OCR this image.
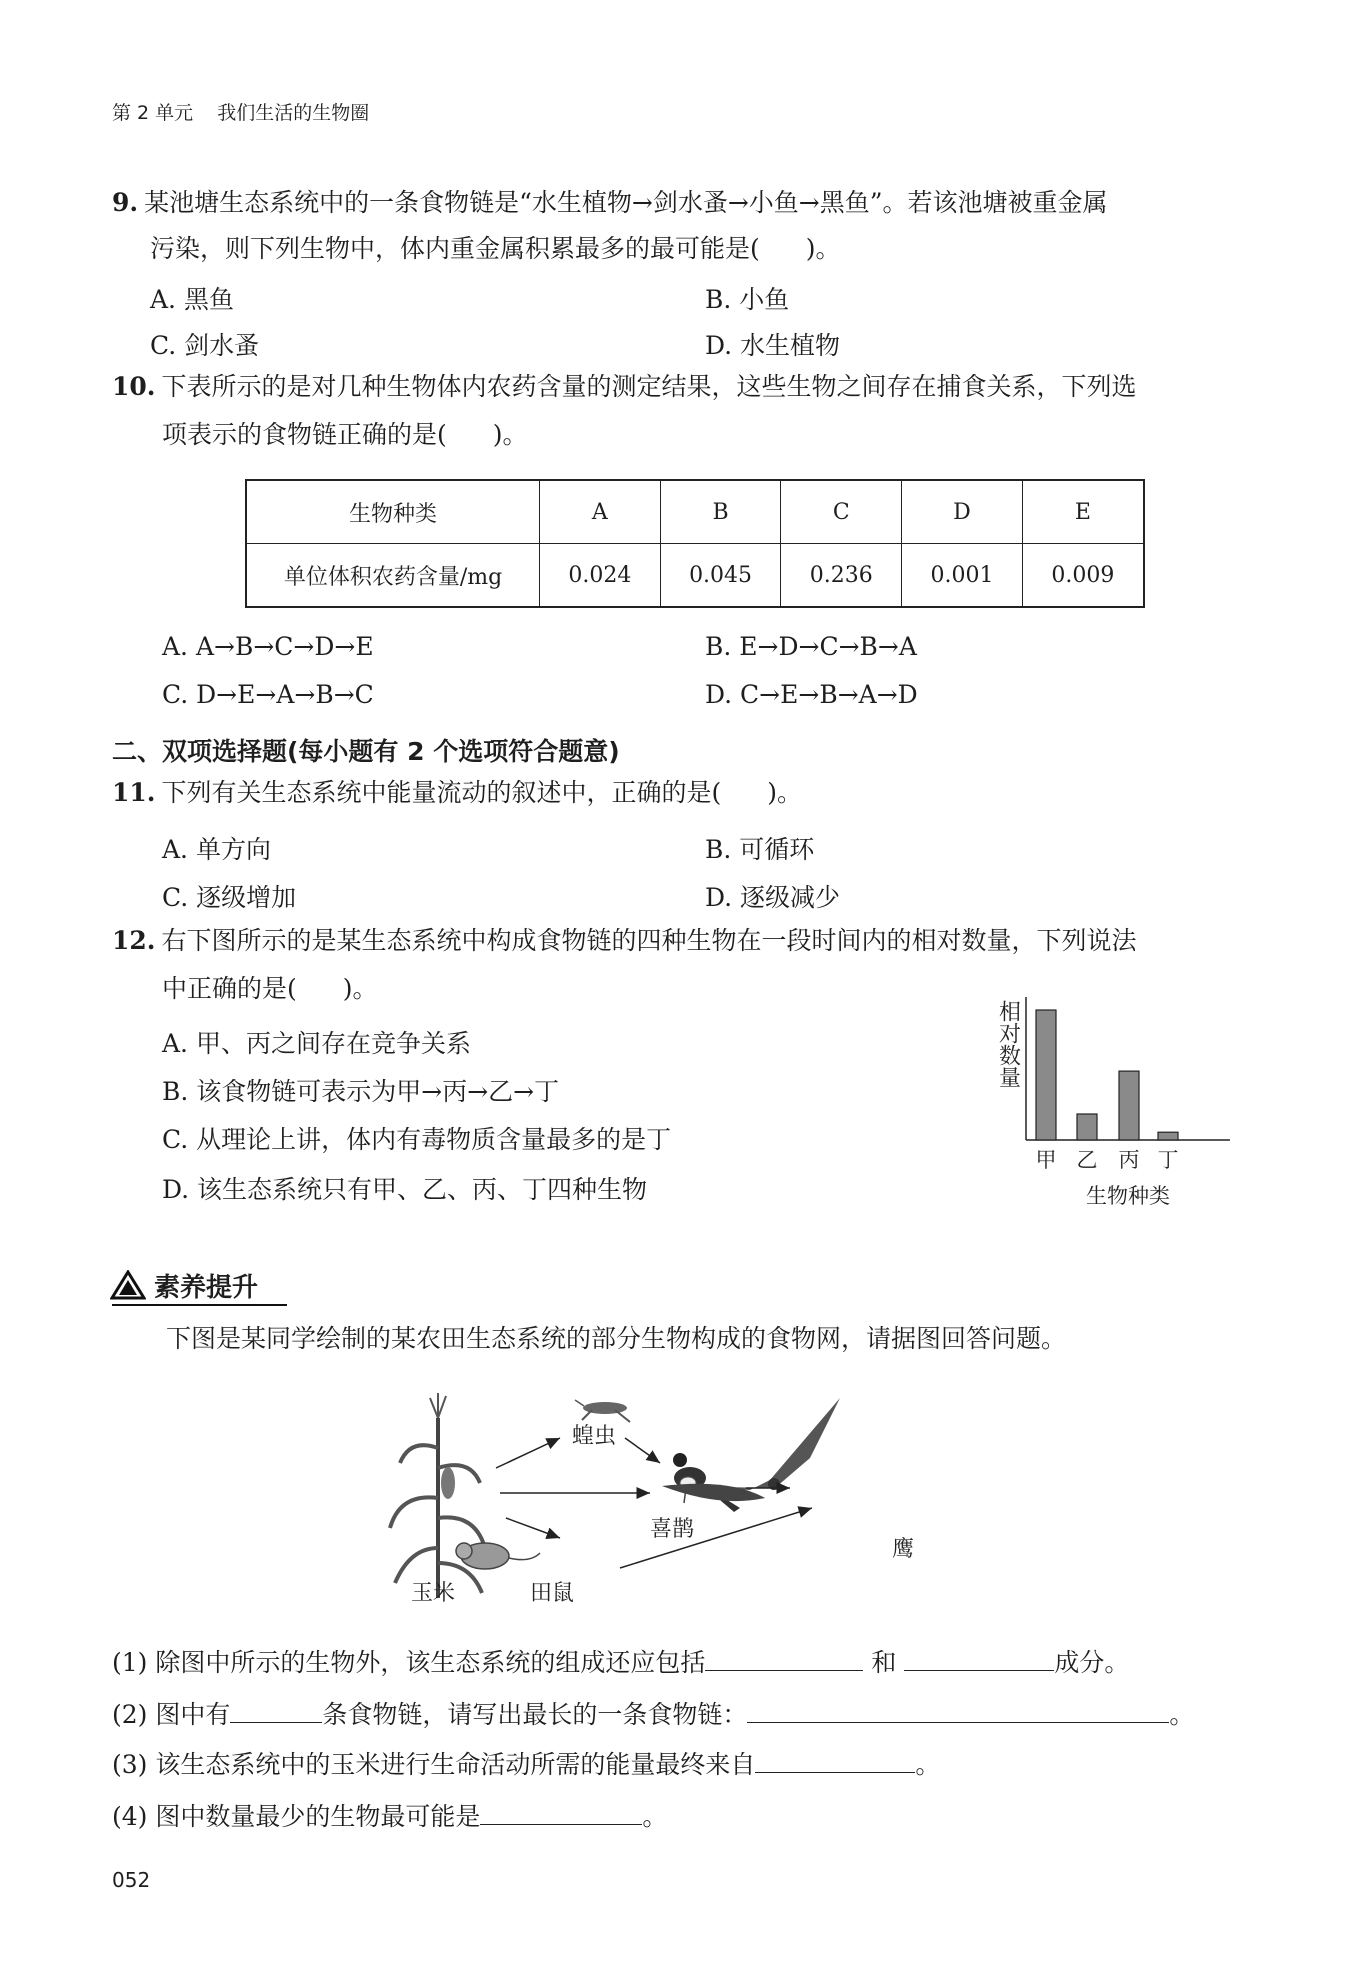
第 2 单元 我们生活的生物圈
9. 某池塘生态系统中的一条食物链是“水生植物→剑水蚤→小鱼→黑鱼”。若该池塘被重金属
污染，则下列生物中，体内重金属积累最多的最可能是( )。
A. 黑鱼	B. 小鱼
C. 剑水蚤	D. 水生植物
10. 下表所示的是对几种生物体内农药含量的测定结果，这些生物之间存在捕食关系，下列选
项表示的食物链正确的是( )。
生物种类	A	B	C	D	E
单位体积农药含量/mg	0.024	0.045	0.236	0.001	0.009
A. A→B→C→D→E	B. E→D→C→B→A
C. D→E→A→B→C	D. C→E→B→A→D
二、双项选择题(每小题有 2 个选项符合题意)
11. 下列有关生态系统中能量流动的叙述中，正确的是( )。
A. 单方向	B. 可循环
C. 逐级增加	D. 逐级减少
12. 右下图所示的是某生态系统中构成食物链的四种生物在一段时间内的相对数量，下列说法
中正确的是( )。
A. 甲、丙之间存在竞争关系
B. 该食物链可表示为甲→丙→乙→丁
C. 从理论上讲，体内有毒物质含量最多的是丁
D. 该生态系统只有甲、乙、丙、丁四种生物
甲 乙 丙 丁
相对数量
生物种类
素养提升
下图是某同学绘制的某农田生态系统的部分生物构成的食物网，请据图回答问题。
蝗虫
喜鹊
鹰
玉米	田鼠
(1) 除图中所示的生物外，该生态系统的组成还应包括	和	成分。
(2) 图中有	条食物链，请写出最长的一条食物链：	。
(3) 该生态系统中的玉米进行生命活动所需的能量最终来自	。
(4) 图中数量最少的生物最可能是	。
052
